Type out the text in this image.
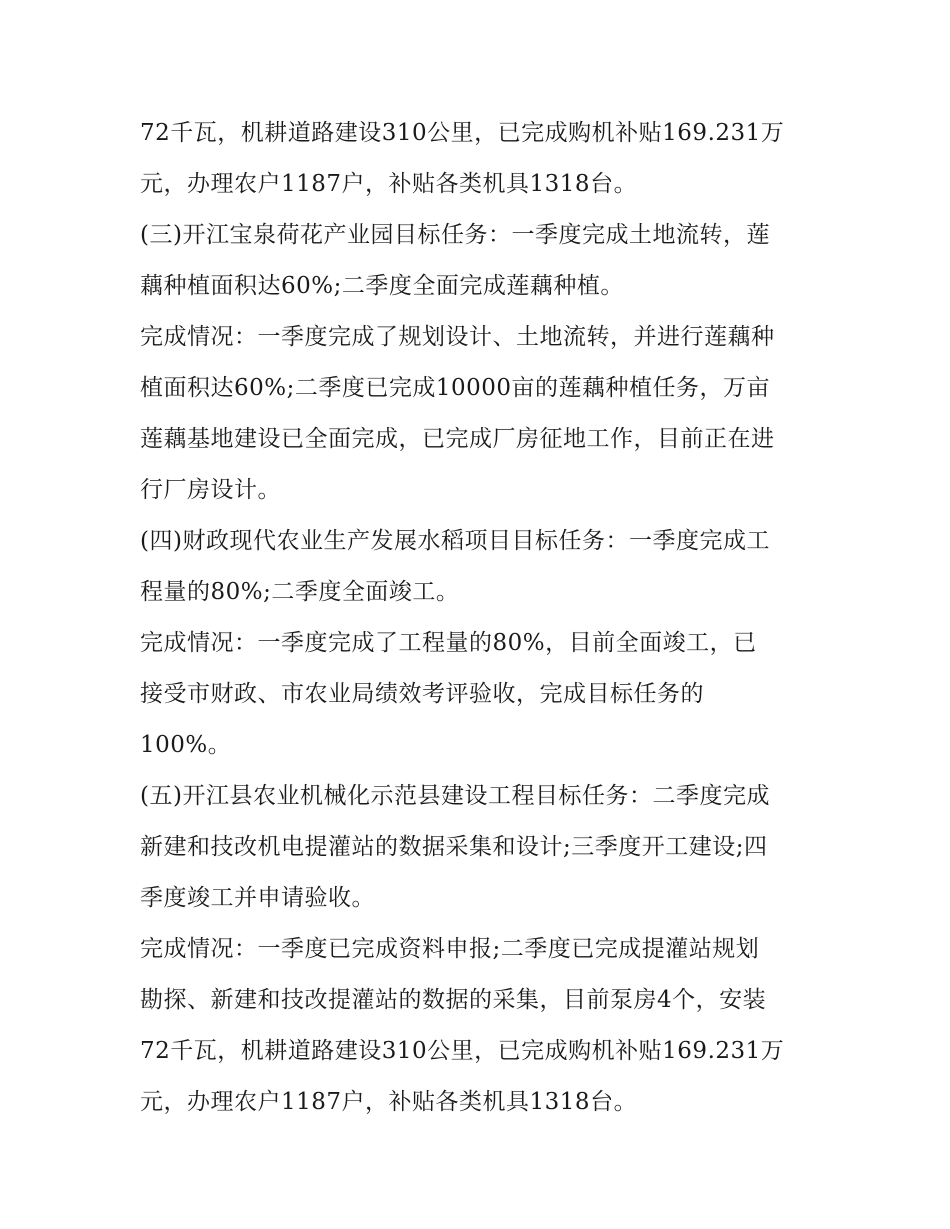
72千瓦，机耕道路建设310公里，已完成购机补贴169.231万
元，办理农户1187户，补贴各类机具1318台。
(三)开江宝泉荷花产业园目标任务：一季度完成土地流转，莲
藕种植面积达60%;二季度全面完成莲藕种植。
完成情况：一季度完成了规划设计、土地流转，并进行莲藕种
植面积达60%;二季度已完成10000亩的莲藕种植任务，万亩
莲藕基地建设已全面完成，已完成厂房征地工作，目前正在进
行厂房设计。
(四)财政现代农业生产发展水稻项目目标任务：一季度完成工
程量的80%;二季度全面竣工。
完成情况：一季度完成了工程量的80%，目前全面竣工，已
接受市财政、市农业局绩效考评验收，完成目标任务的
100%。
(五)开江县农业机械化示范县建设工程目标任务：二季度完成
新建和技改机电提灌站的数据采集和设计;三季度开工建设;四
季度竣工并申请验收。
完成情况：一季度已完成资料申报;二季度已完成提灌站规划
勘探、新建和技改提灌站的数据的采集，目前泵房4个，安装
72千瓦，机耕道路建设310公里，已完成购机补贴169.231万
元，办理农户1187户，补贴各类机具1318台。
